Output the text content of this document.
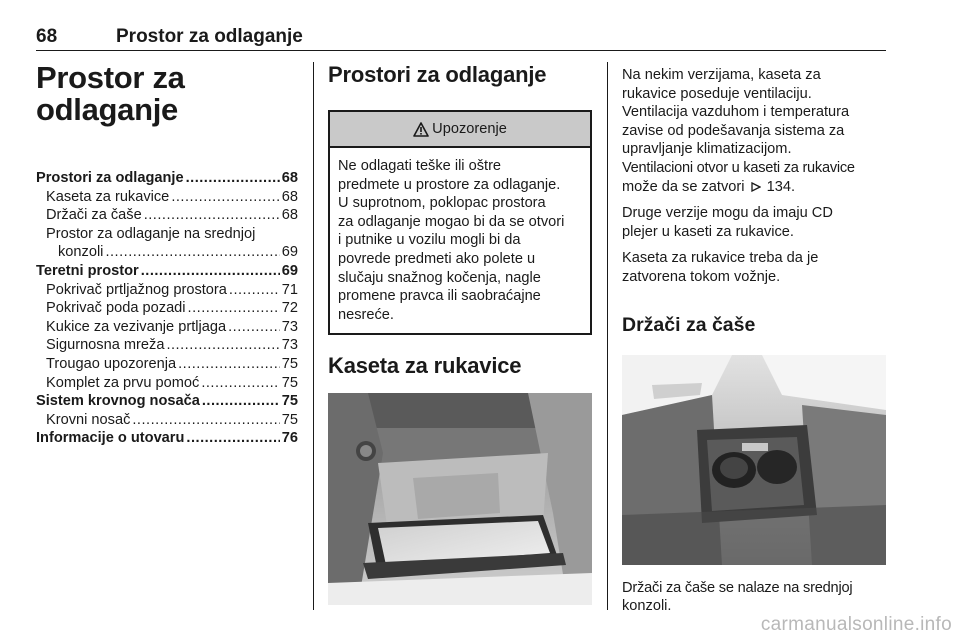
68	Prostor za odlaganje
Prostor za
odlaganje
Prostori za odlaganje .....	68
Kaseta za rukavice .....	68
Držači za čaše .....	68
Prostor za odlaganje na srednjoj
konzoli .....	69
Teretni prostor .....	69
Pokrivač prtljažnog prostora .....	71
Pokrivač poda pozadi .....	72
Kukice za vezivanje prtljaga .....	73
Sigurnosna mreža .....	73
Trougao upozorenja .....	75
Komplet za prvu pomoć .....	75
Sistem krovnog nosača .....	75
Krovni nosač .....	75
Informacije o utovaru .....	76
Prostori za odlaganje
Upozorenje
Ne odlagati teške ili oštre
predmete u prostore za odlaganje.
U suprotnom, poklopac prostora
za odlaganje mogao bi da se otvori
i putnike u vozilu mogli bi da
povrede predmeti ako polete u
slučaju snažnog kočenja, nagle
promene pravca ili saobraćajne
nesreće.
Kaseta za rukavice

Na nekim verzijama, kaseta za

rukavice poseduje ventilaciju.

Ventilacija vazduhom i temperatura

zavise od podešavanja sistema za

upravljanje klimatizacijom.

Ventilacioni otvor u kaseti za rukavice

može da se zatvori 134.

Druge verzije mogu da imaju CD

plejer u kaseti za rukavice.

Kaseta za rukavice treba da je

zatvorena tokom vožnje.

Držači za čaše

Držači za čaše se nalaze na srednjoj

konzoli.

carmanualsonline.info
